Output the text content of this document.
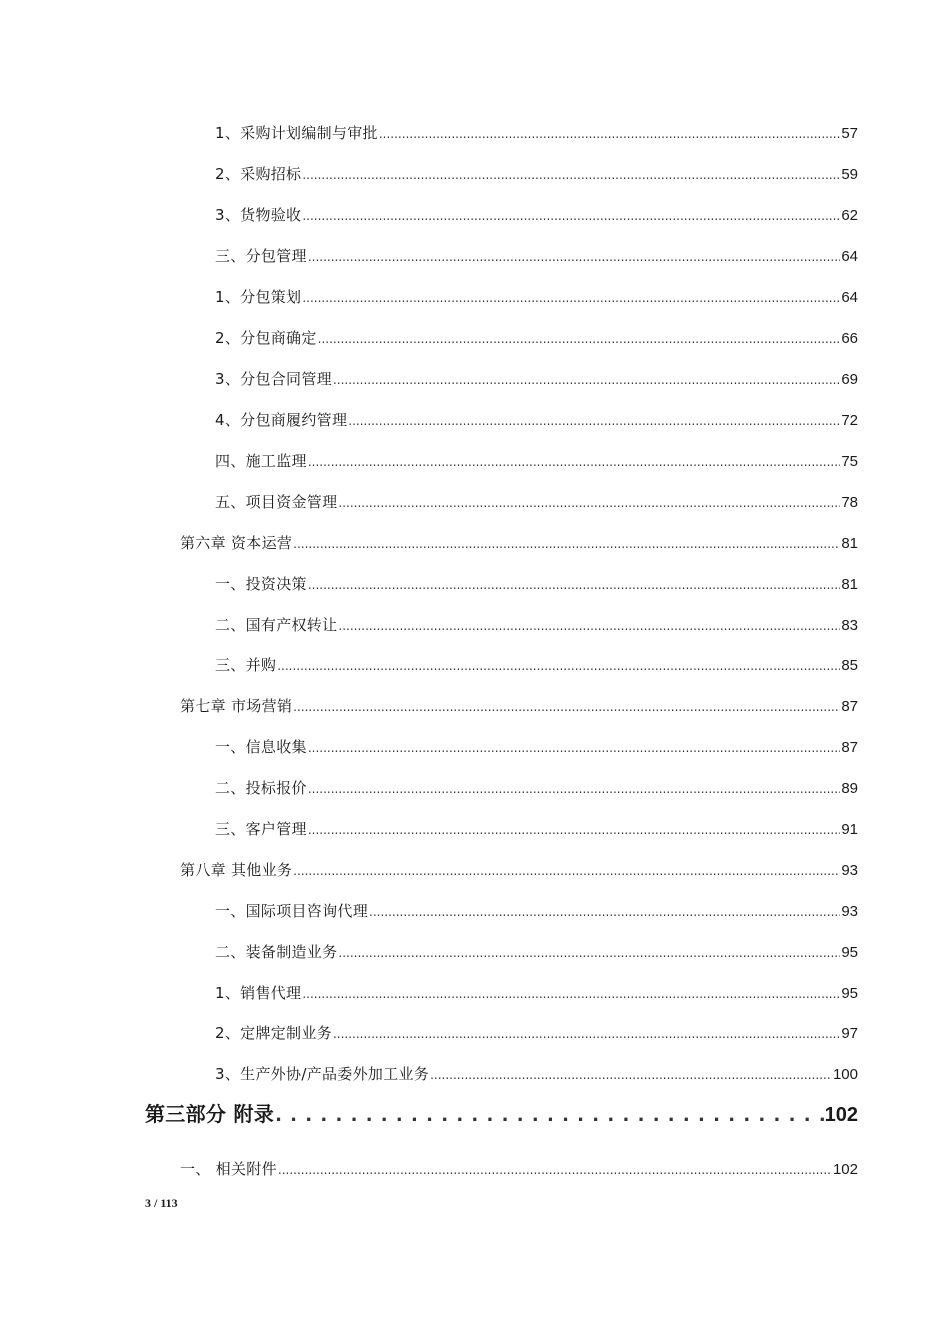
1、采购计划编制与审批 .....	57
2、采购招标 .....	59
3、货物验收 .....	62
三、分包管理 .....	64
1、分包策划 .....	64
2、分包商确定 .....	66
3、分包合同管理 .....	69
4、分包商履约管理 .....	72
四、施工监理 .....	75
五、项目资金管理 .....	78
第六章 资本运营 .....	81
一、投资决策 .....	81
二、国有产权转让 .....	83
三、并购 .....	85
第七章 市场营销 .....	87
一、信息收集 .....	87
二、投标报价 .....	89
三、客户管理 .....	91
第八章 其他业务 .....	93
一、国际项目咨询代理 .....	93
二、装备制造业务 .....	95
1、销售代理 .....	95
2、定牌定制业务 .....	97
3、生产外协/产品委外加工业务 .....	100
第三部分 附录 . . .	102
一、 相关附件 .....	102
3 / 113
